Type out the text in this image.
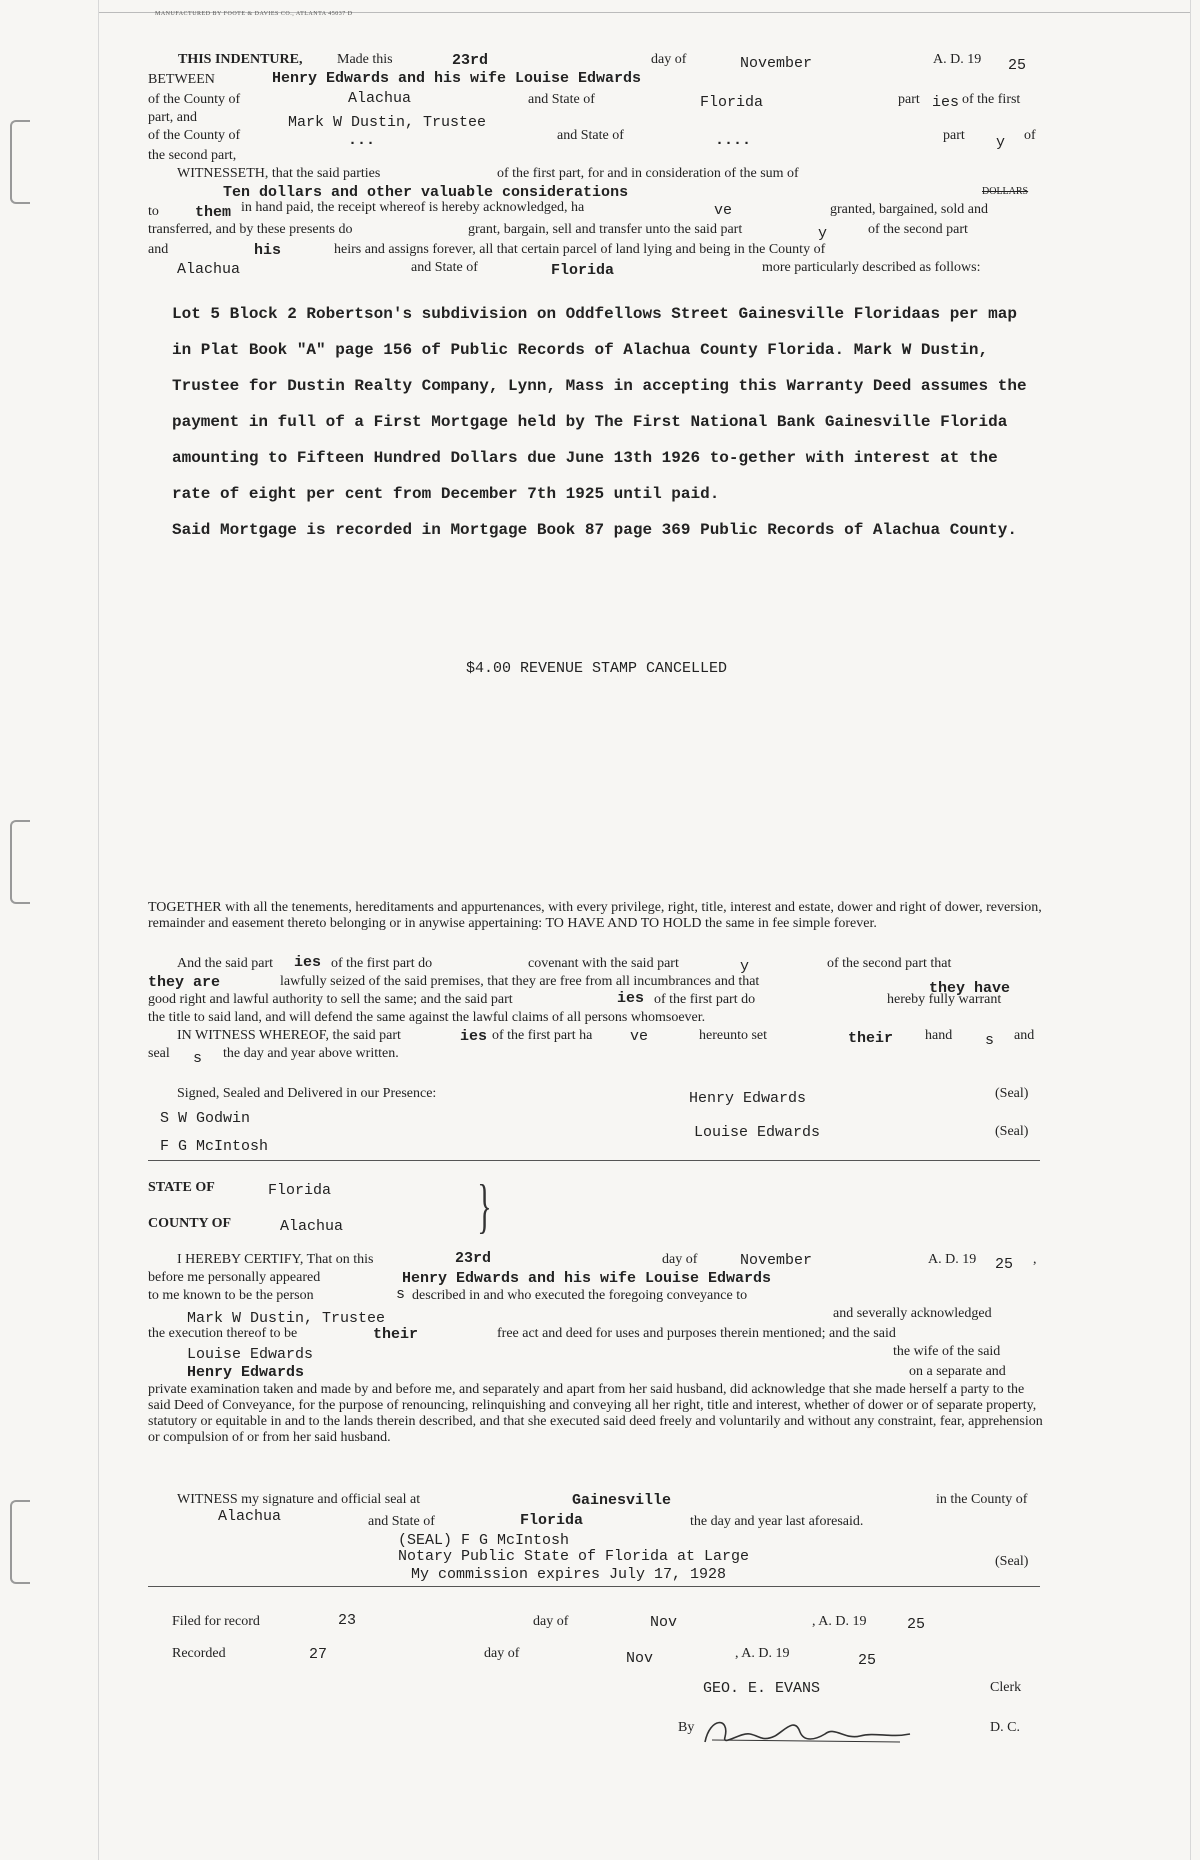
MANUFACTURED BY FOOTE & DAVIES CO., ATLANTA 45037 D
THIS INDENTURE, Made this	23rd	day of	November	A. D. 19 25
BETWEEN	Henry Edwards and his wife Louise Edwards
of the County of	Alachua	and State of	Florida	part ies of the first
part, and	Mark W Dustin, Trustee
of the County of	...	and State of	....	part y of
the second part,
WITNESSETH, that the said parties	of the first part, for and in consideration of the sum of
Ten dollars and other valuable considerations	DOLLARS
to them in hand paid, the receipt whereof is hereby acknowledged, ha	ve	granted, bargained, sold and
transferred, and by these presents do	grant, bargain, sell and transfer unto the said part	y	of the second part
and	his	heirs and assigns forever, all that certain parcel of land lying and being in the County of
Alachua	and State of	Florida	more particularly described as follows:
Lot 5 Block 2 Robertson's subdivision on Oddfellows Street Gainesville Floridaas per map
in Plat Book "A" page 156 of Public Records of Alachua County Florida. Mark W Dustin,
Trustee for Dustin Realty Company, Lynn, Mass in accepting this Warranty Deed assumes the
payment in full of a First Mortgage held by The First National Bank Gainesville Florida
amounting to Fifteen Hundred Dollars due June 13th 1926 to-gether with interest at the
rate of eight per cent from December 7th 1925 until paid.
Said Mortgage is recorded in Mortgage Book 87 page 369 Public Records of Alachua County.
$4.00 REVENUE STAMP CANCELLED
TOGETHER with all the tenements, hereditaments and appurtenances, with every privilege, right, title, interest and estate, dower and right of dower, reversion, remainder and easement thereto belonging or in anywise appertaining: TO HAVE AND TO HOLD the same in fee simple forever.
And the said part ies of the first part do	covenant with the said part	y	of the second part that
they are	lawfully seized of the said premises, that they are free from all incumbrances and that	they have
good right and lawful authority to sell the same; and the said part	ies of the first part do	hereby fully warrant
the title to said land, and will defend the same against the lawful claims of all persons whomsoever.
IN WITNESS WHEREOF, the said part	ies of the first part ha	ve	hereunto set	their hand s and
seal s the day and year above written.
Signed, Sealed and Delivered in our Presence:
S W Godwin
F G McIntosh
Henry Edwards
Louise Edwards
(Seal)
(Seal)
STATE OF	Florida
COUNTY OF	Alachua }
I HEREBY CERTIFY, That on this	23rd	day of	November	A. D. 19 25 ,
before me personally appeared	Henry Edwards and his wife Louise Edwards
to me known to be the person	s described in and who executed the foregoing conveyance to
Mark W Dustin, Trustee	and severally acknowledged
the execution thereof to be	their	free act and deed for uses and purposes therein mentioned; and the said
Louise Edwards	the wife of the said
Henry Edwards	on a separate and
private examination taken and made by and before me, and separately and apart from her said husband, did acknowledge that she made herself a party to the said Deed of Conveyance, for the purpose of renouncing, relinquishing and conveying all her right, title and interest, whether of dower or of separate property, statutory or equitable in and to the lands therein described, and that she executed said deed freely and voluntarily and without any constraint, fear, apprehension or compulsion of or from her said husband.
WITNESS my signature and official seal at	Gainesville	in the County of
Alachua	and State of	Florida	the day and year last aforesaid.
(SEAL) F G McIntosh
Notary Public State of Florida at Large
My commission expires July 17, 1928
(Seal)
Filed for record	23	day of	Nov	, A. D. 19	25
Recorded	27	day of	Nov	, A. D. 19	25
GEO. E. EVANS	Clerk
By	D. C.
